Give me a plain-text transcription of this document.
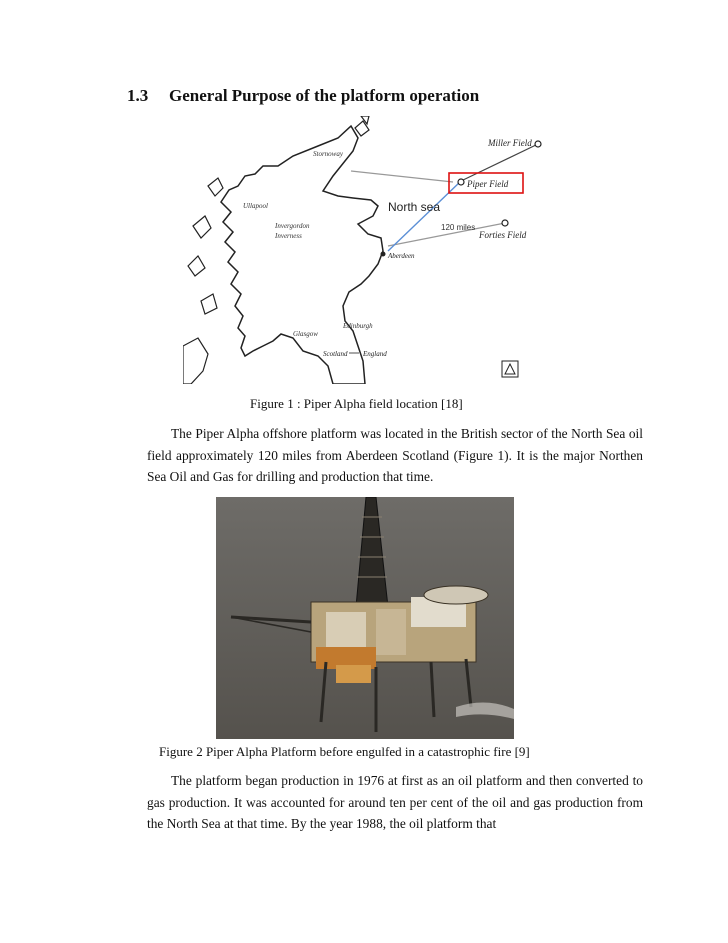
1.3 General Purpose of the platform operation
Stornoway
Ullapool
Invergordon
Inverness
Edinburgh
Glasgow
Miller Field
Piper Field
North sea
120 miles
Forties Field
Aberdeen
Scotland England
Figure 1 : Piper Alpha field location [18]
The Piper Alpha offshore platform was located in the British sector of the North Sea oil field approximately 120 miles from Aberdeen Scotland (Figure 1). It is the major Northen Sea Oil and Gas for drilling and production that time.
Figure 2 Piper Alpha Platform before engulfed in a catastrophic fire [9]
The platform began production in 1976 at first as an oil platform and then converted to gas production. It was accounted for around ten per cent of the oil and gas production from the North Sea at that time. By the year 1988, the oil platform that
